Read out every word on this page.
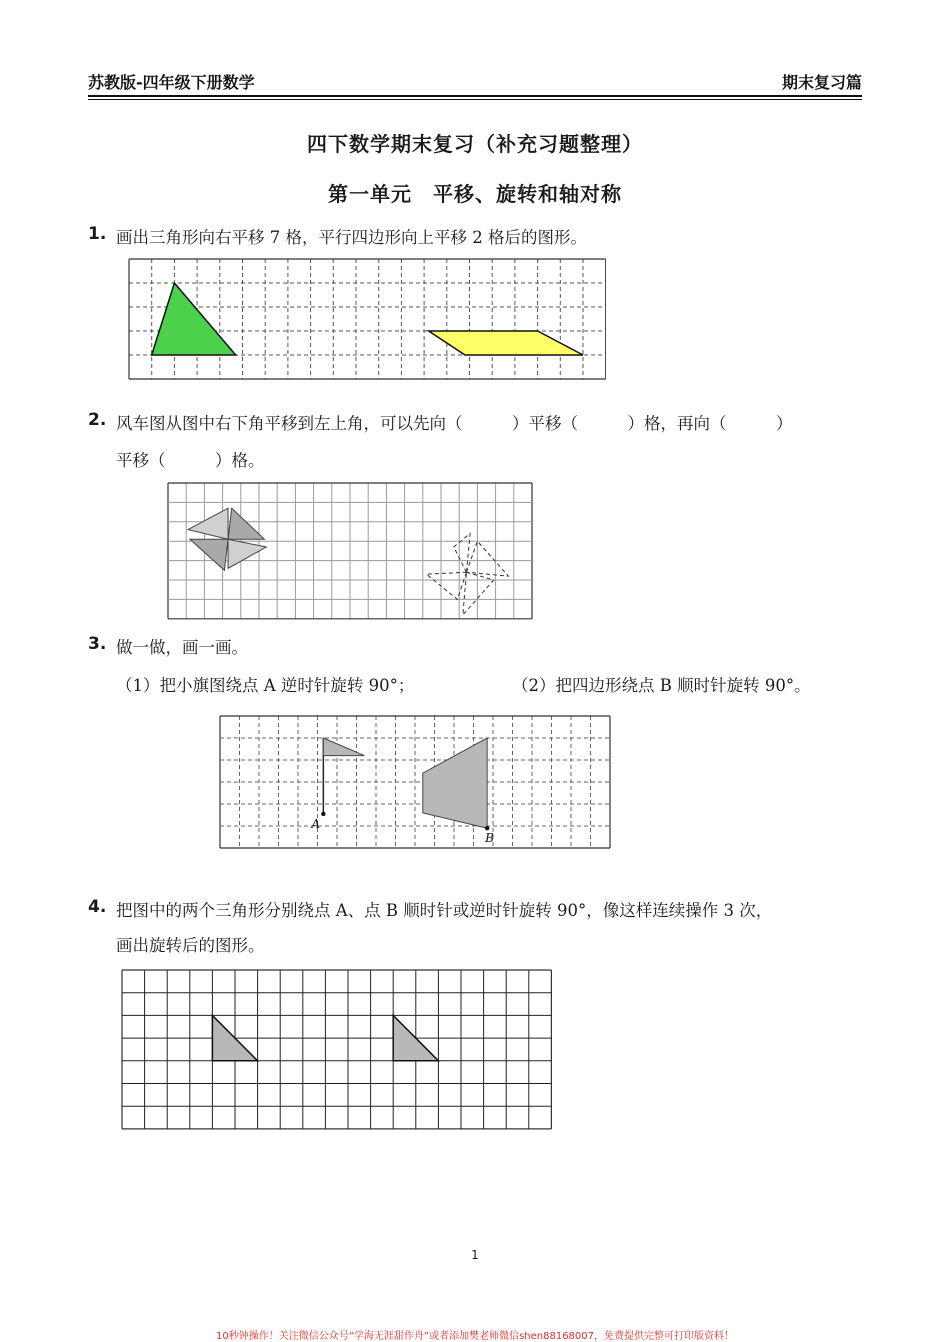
苏教版-四年级下册数学	期末复习篇
四下数学期末复习（补充习题整理）
第一单元　平移、旋转和轴对称
1. 画出三角形向右平移 7 格，平行四边形向上平移 2 格后的图形。
2. 风车图从图中右下角平移到左上角，可以先向（　　　）平移（　　　）格，再向（　　　）
平移（　　　）格。
3. 做一做，画一画。
（1）把小旗图绕点 A 逆时针旋转 90°；	（2）把四边形绕点 B 顺时针旋转 90°。
A
B
4. 把图中的两个三角形分别绕点 A、点 B 顺时针或逆时针旋转 90°，像这样连续操作 3 次，
画出旋转后的图形。
1
10秒钟操作！关注微信公众号“学海无涯甜作舟”或者添加樊老师微信shen88168007，免费提供完整可打印版资料！
